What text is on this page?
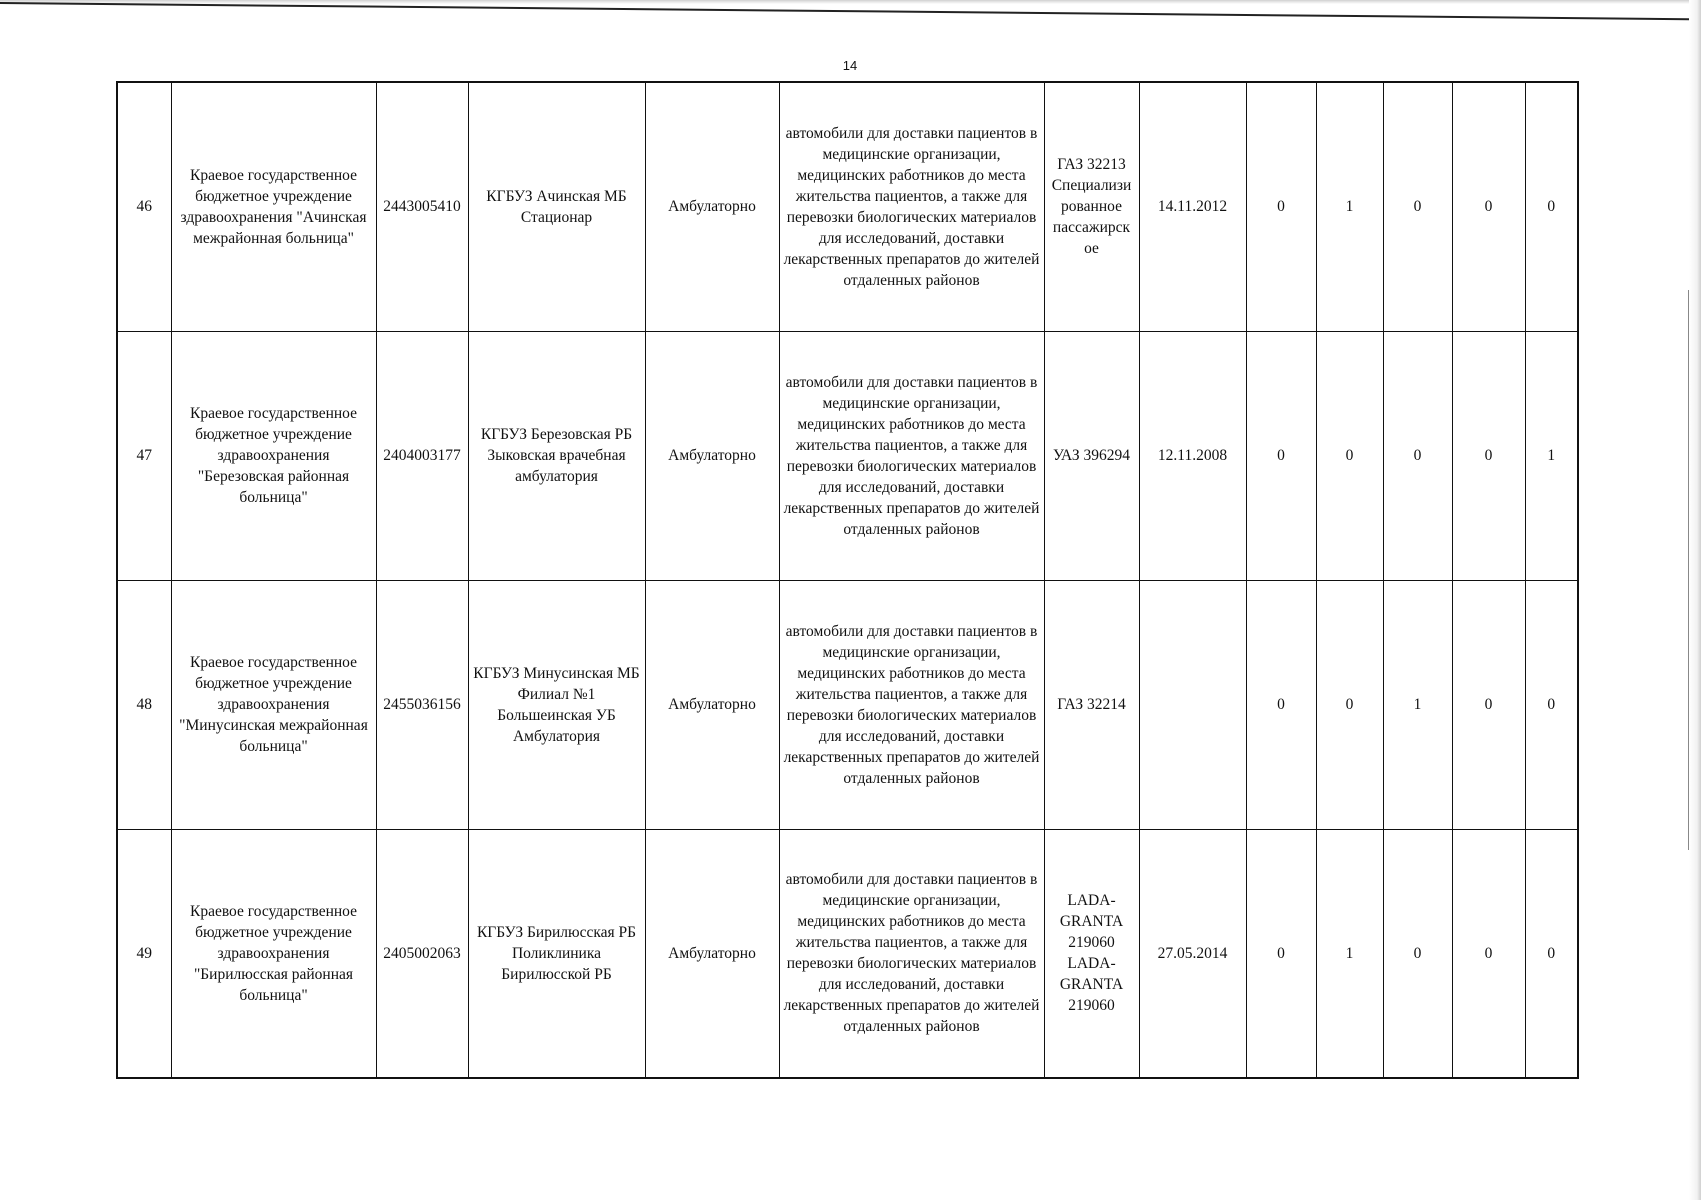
14
46	Краевое государственное бюджетное учреждение здравоохранения "Ачинская межрайонная больница"	2443005410	КГБУЗ Ачинская МБ Стационар	Амбулаторно	автомобили для доставки пациентов в медицинские организации, медицинских работников до места жительства пациентов, а также для перевозки биологических материалов для исследований, доставки лекарственных препаратов до жителей отдаленных районов	ГАЗ 32213 Специализи рованное пассажирск ое	14.11.2012	0	1	0	0	0
47	Краевое государственное бюджетное учреждение здравоохранения "Березовская районная больница"	2404003177	КГБУЗ Березовская РБ Зыковская врачебная амбулатория	Амбулаторно	автомобили для доставки пациентов в медицинские организации, медицинских работников до места жительства пациентов, а также для перевозки биологических материалов для исследований, доставки лекарственных препаратов до жителей отдаленных районов	УАЗ 396294	12.11.2008	0	0	0	0	1
48	Краевое государственное бюджетное учреждение здравоохранения "Минусинская межрайонная больница"	2455036156	КГБУЗ Минусинская МБ Филиал №1 Большеинская УБ Амбулатория	Амбулаторно	автомобили для доставки пациентов в медицинские организации, медицинских работников до места жительства пациентов, а также для перевозки биологических материалов для исследований, доставки лекарственных препаратов до жителей отдаленных районов	ГАЗ 32214		0	0	1	0	0
49	Краевое государственное бюджетное учреждение здравоохранения "Бирилюсская районная больница"	2405002063	КГБУЗ Бирилюсская РБ Поликлиника Бирилюсской РБ	Амбулаторно	автомобили для доставки пациентов в медицинские организации, медицинских работников до места жительства пациентов, а также для перевозки биологических материалов для исследований, доставки лекарственных препаратов до жителей отдаленных районов	LADA-GRANTA 219060 LADA-GRANTA 219060	27.05.2014	0	1	0	0	0
